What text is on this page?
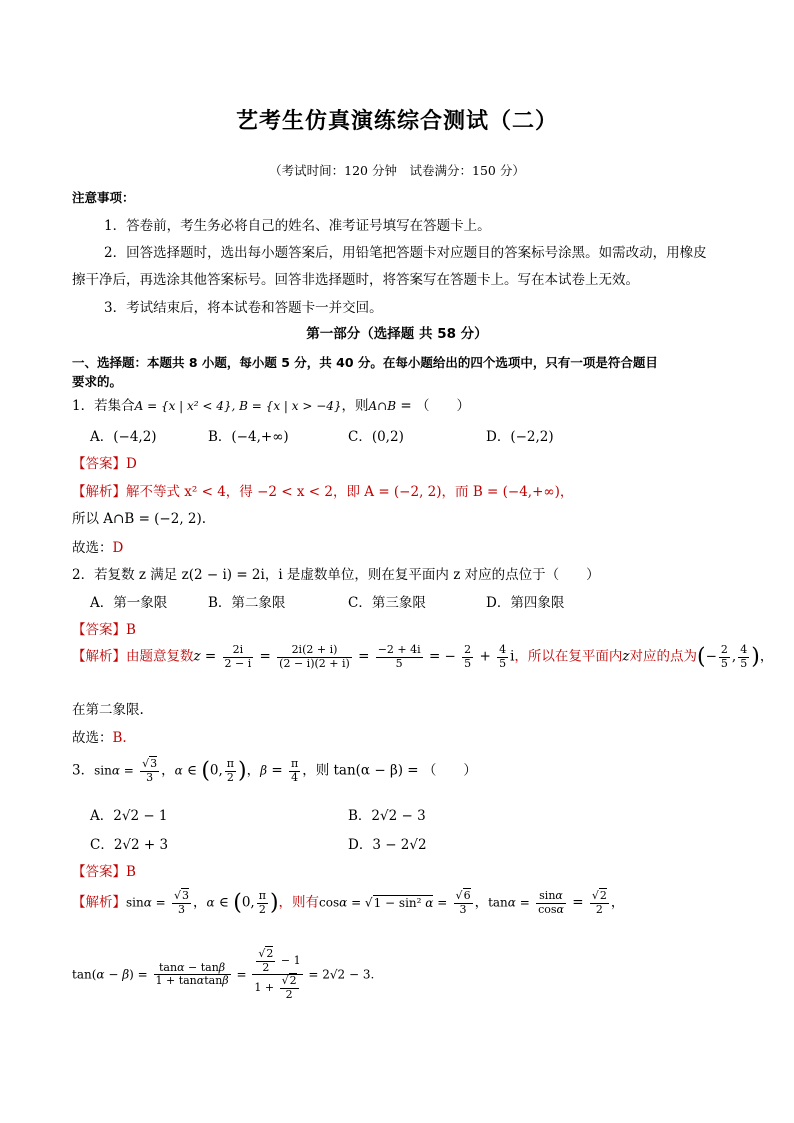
艺考生仿真演练综合测试（二）
（考试时间：120 分钟　试卷满分：150 分）
注意事项：
1．答卷前，考生务必将自己的姓名、准考证号填写在答题卡上。
2．回答选择题时，选出每小题答案后，用铅笔把答题卡对应题目的答案标号涂黑。如需改动，用橡皮
擦干净后，再选涂其他答案标号。回答非选择题时，将答案写在答题卡上。写在本试卷上无效。
3．考试结束后，将本试卷和答题卡一并交回。
第一部分（选择题 共 58 分）
一、选择题：本题共 8 小题，每小题 5 分，共 40 分。在每小题给出的四个选项中，只有一项是符合题目
要求的。
1．若集合A = {x | x² < 4}, B = {x | x > −4}，则A∩B = （　　）
A．(−4,2)	B．(−4,+∞)	C．(0,2)	D．(−2,2)
【答案】D
【解析】解不等式 x² < 4，得 −2 < x < 2，即 A = (−2, 2)，而 B = (−4,+∞)，
所以 A∩B = (−2, 2).
故选：D
2．若复数 z 满足 z(2 − i) = 2i，i 是虚数单位，则在复平面内 z 对应的点位于（　　）
A．第一象限	B．第二象限	C．第三象限	D．第四象限
【答案】B
【解析】由题意复数$z = \frac{2i}{2 - i} = \frac{2i(2 + i)}{(2 - i)(2 + i)} = \frac{-2 + 4i}{5}$ = − $\frac{2}{5} + \frac{4}{5}$ i，所以在复平面内z对应的点为(− $\frac{2}{5}$ , $\frac{4}{5}$ )，
在第二象限.
故选：B.
3．$\sin\alpha = \frac{√3}{3}$ ，α ∈ (0, $\frac{\pi}{2}$ )，$\beta = \frac{\pi}{4}$ ，则 tan(α − β) = （　　）
A．2√2 − 1	B．2√2 − 3
C．2√2 + 3	D．3 − 2√2
【答案】B
【解析】$\sin\alpha = \frac{√3}{3}$ ，α ∈ (0, $\frac{\pi}{2}$ )，则有cosα = √1 − sin² $\alpha = \frac{√6}{3}$ ，$\tan\alpha = \frac{\sin\alpha}{\cos\alpha} = \frac{√2}{2}$ ，
$\tan(\alpha - \beta) = \frac{\tan\alpha - \tan\beta}{1 + \tan\alpha\tan\beta} = \frac{\frac{√2}{2} - 1}{1 + \frac{√2}{2}} = 2√2 - 3$.
